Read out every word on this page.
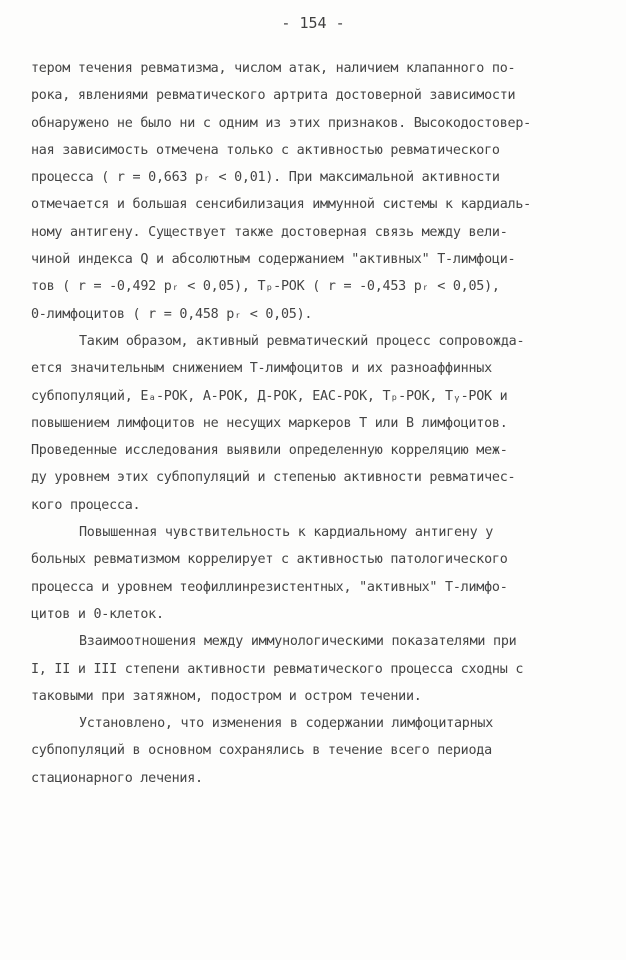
- 154 -
тером течения ревматизма, числом атак, наличием клапанного по-
рока, явлениями ревматического артрита достоверной зависимости
обнаружено не было ни с одним из этих признаков. Высокодостовер-
ная зависимость отмечена только с активностью ревматического
процесса ( r = 0,663 pᵣ < 0,01). При максимальной активности
отмечается и большая сенсибилизация иммунной системы к кардиаль-
ному антигену. Существует также достоверная связь между вели-
чиной индекса Q и абсолютным содержанием "активных" Т-лимфоци-
тов ( r = -0,492 pᵣ < 0,05), Tₚ-РОК ( r = -0,453 pᵣ < 0,05),
0-лимфоцитов ( r = 0,458 pᵣ < 0,05).
Таким образом, активный ревматический процесс сопровожда-
ется значительным снижением Т-лимфоцитов и их разноаффинных
субпопуляций, Eₐ-РОК, А-РОК, Д-РОК, ЕАС-РОК, Tₚ-РОК, Tᵧ-РОК и
повышением лимфоцитов не несущих маркеров Т или В лимфоцитов.
Проведенные исследования выявили определенную корреляцию меж-
ду уровнем этих субпопуляций и степенью активности ревматичес-
кого процесса.
Повышенная чувствительность к кардиальному антигену у
больных ревматизмом коррелирует с активностью патологического
процесса и уровнем теофиллинрезистентных, "активных" Т-лимфо-
цитов и 0-клеток.
Взаимоотношения между иммунологическими показателями при
I, II и III степени активности ревматического процесса сходны с
таковыми при затяжном, подостром и остром течении.
Установлено, что изменения в содержании лимфоцитарных
субпопуляций в основном сохранялись в течение всего периода
стационарного лечения.
